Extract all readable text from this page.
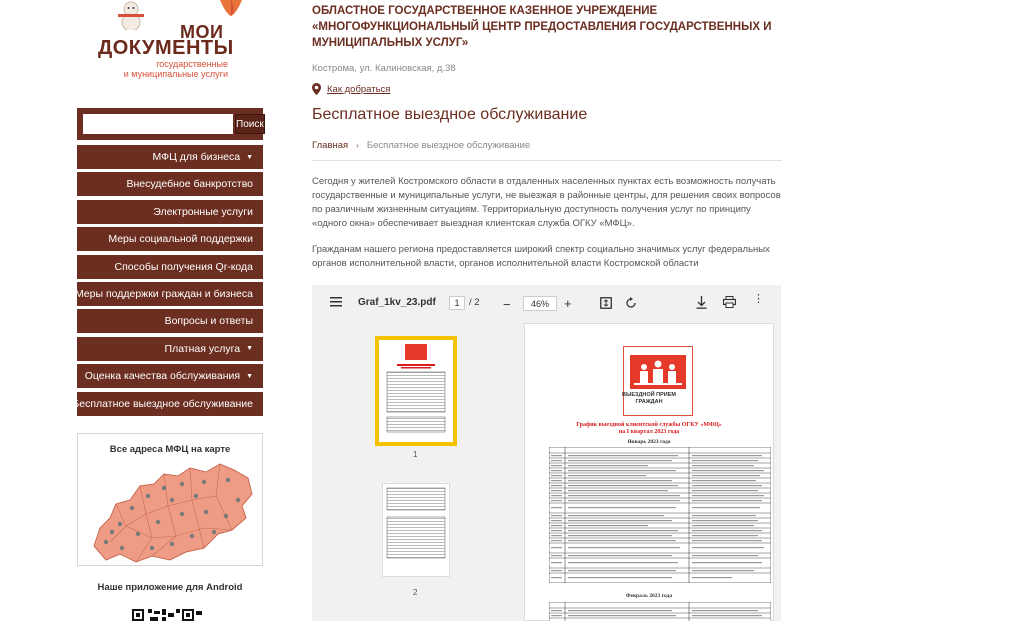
МОИ
ДОКУМЕНТЫ
государственные
и муниципальные услуги
Поиск
МФЦ для бизнеса ▼
Внесудебное банкротство
Электронные услуги
Меры социальной поддержки
Способы получения Qr-кода
Меры поддержки граждан и бизнеса
Вопросы и ответы
Платная услуга ▼
Оценка качества обслуживания ▼
Бесплатное выездное обслуживание
Все адреса МФЦ на карте
Наше приложение для Android
ОБЛАСТНОЕ ГОСУДАРСТВЕННОЕ КАЗЕННОЕ УЧРЕЖДЕНИЕ «МНОГОФУНКЦИОНАЛЬНЫЙ ЦЕНТР ПРЕДОСТАВЛЕНИЯ ГОСУДАРСТВЕННЫХ И МУНИЦИПАЛЬНЫХ УСЛУГ»
Кострома, ул. Калиновская, д.38
Как добраться
Бесплатное выездное обслуживание
Главная › Бесплатное выездное обслуживание
Сегодня у жителей Костромского области в отдаленных населенных пунктах есть возможность получать государственные и муниципальные услуги, не выезжая в районные центры, для решения своих вопросов по различным жизненным ситуациям. Территориальную доступность получения услуг по принципу «одного окна» обеспечивает выездная клиентская служба ОГКУ «МФЦ».
Гражданам нашего региона предоставляется широкий спектр социально значимых услуг федеральных органов исполнительной власти, органов исполнительной власти Костромской области
Graf_1kv_23.pdf	1	/ 2 −	46%	+	⋮
1
2
ВЫЕЗДНОЙ ПРИЕМ
ГРАЖДАН
График выездной клиентской службы ОГКУ «МФЦ»
на I квартал 2023 года
Январь 2023 года
Февраль 2023 года
